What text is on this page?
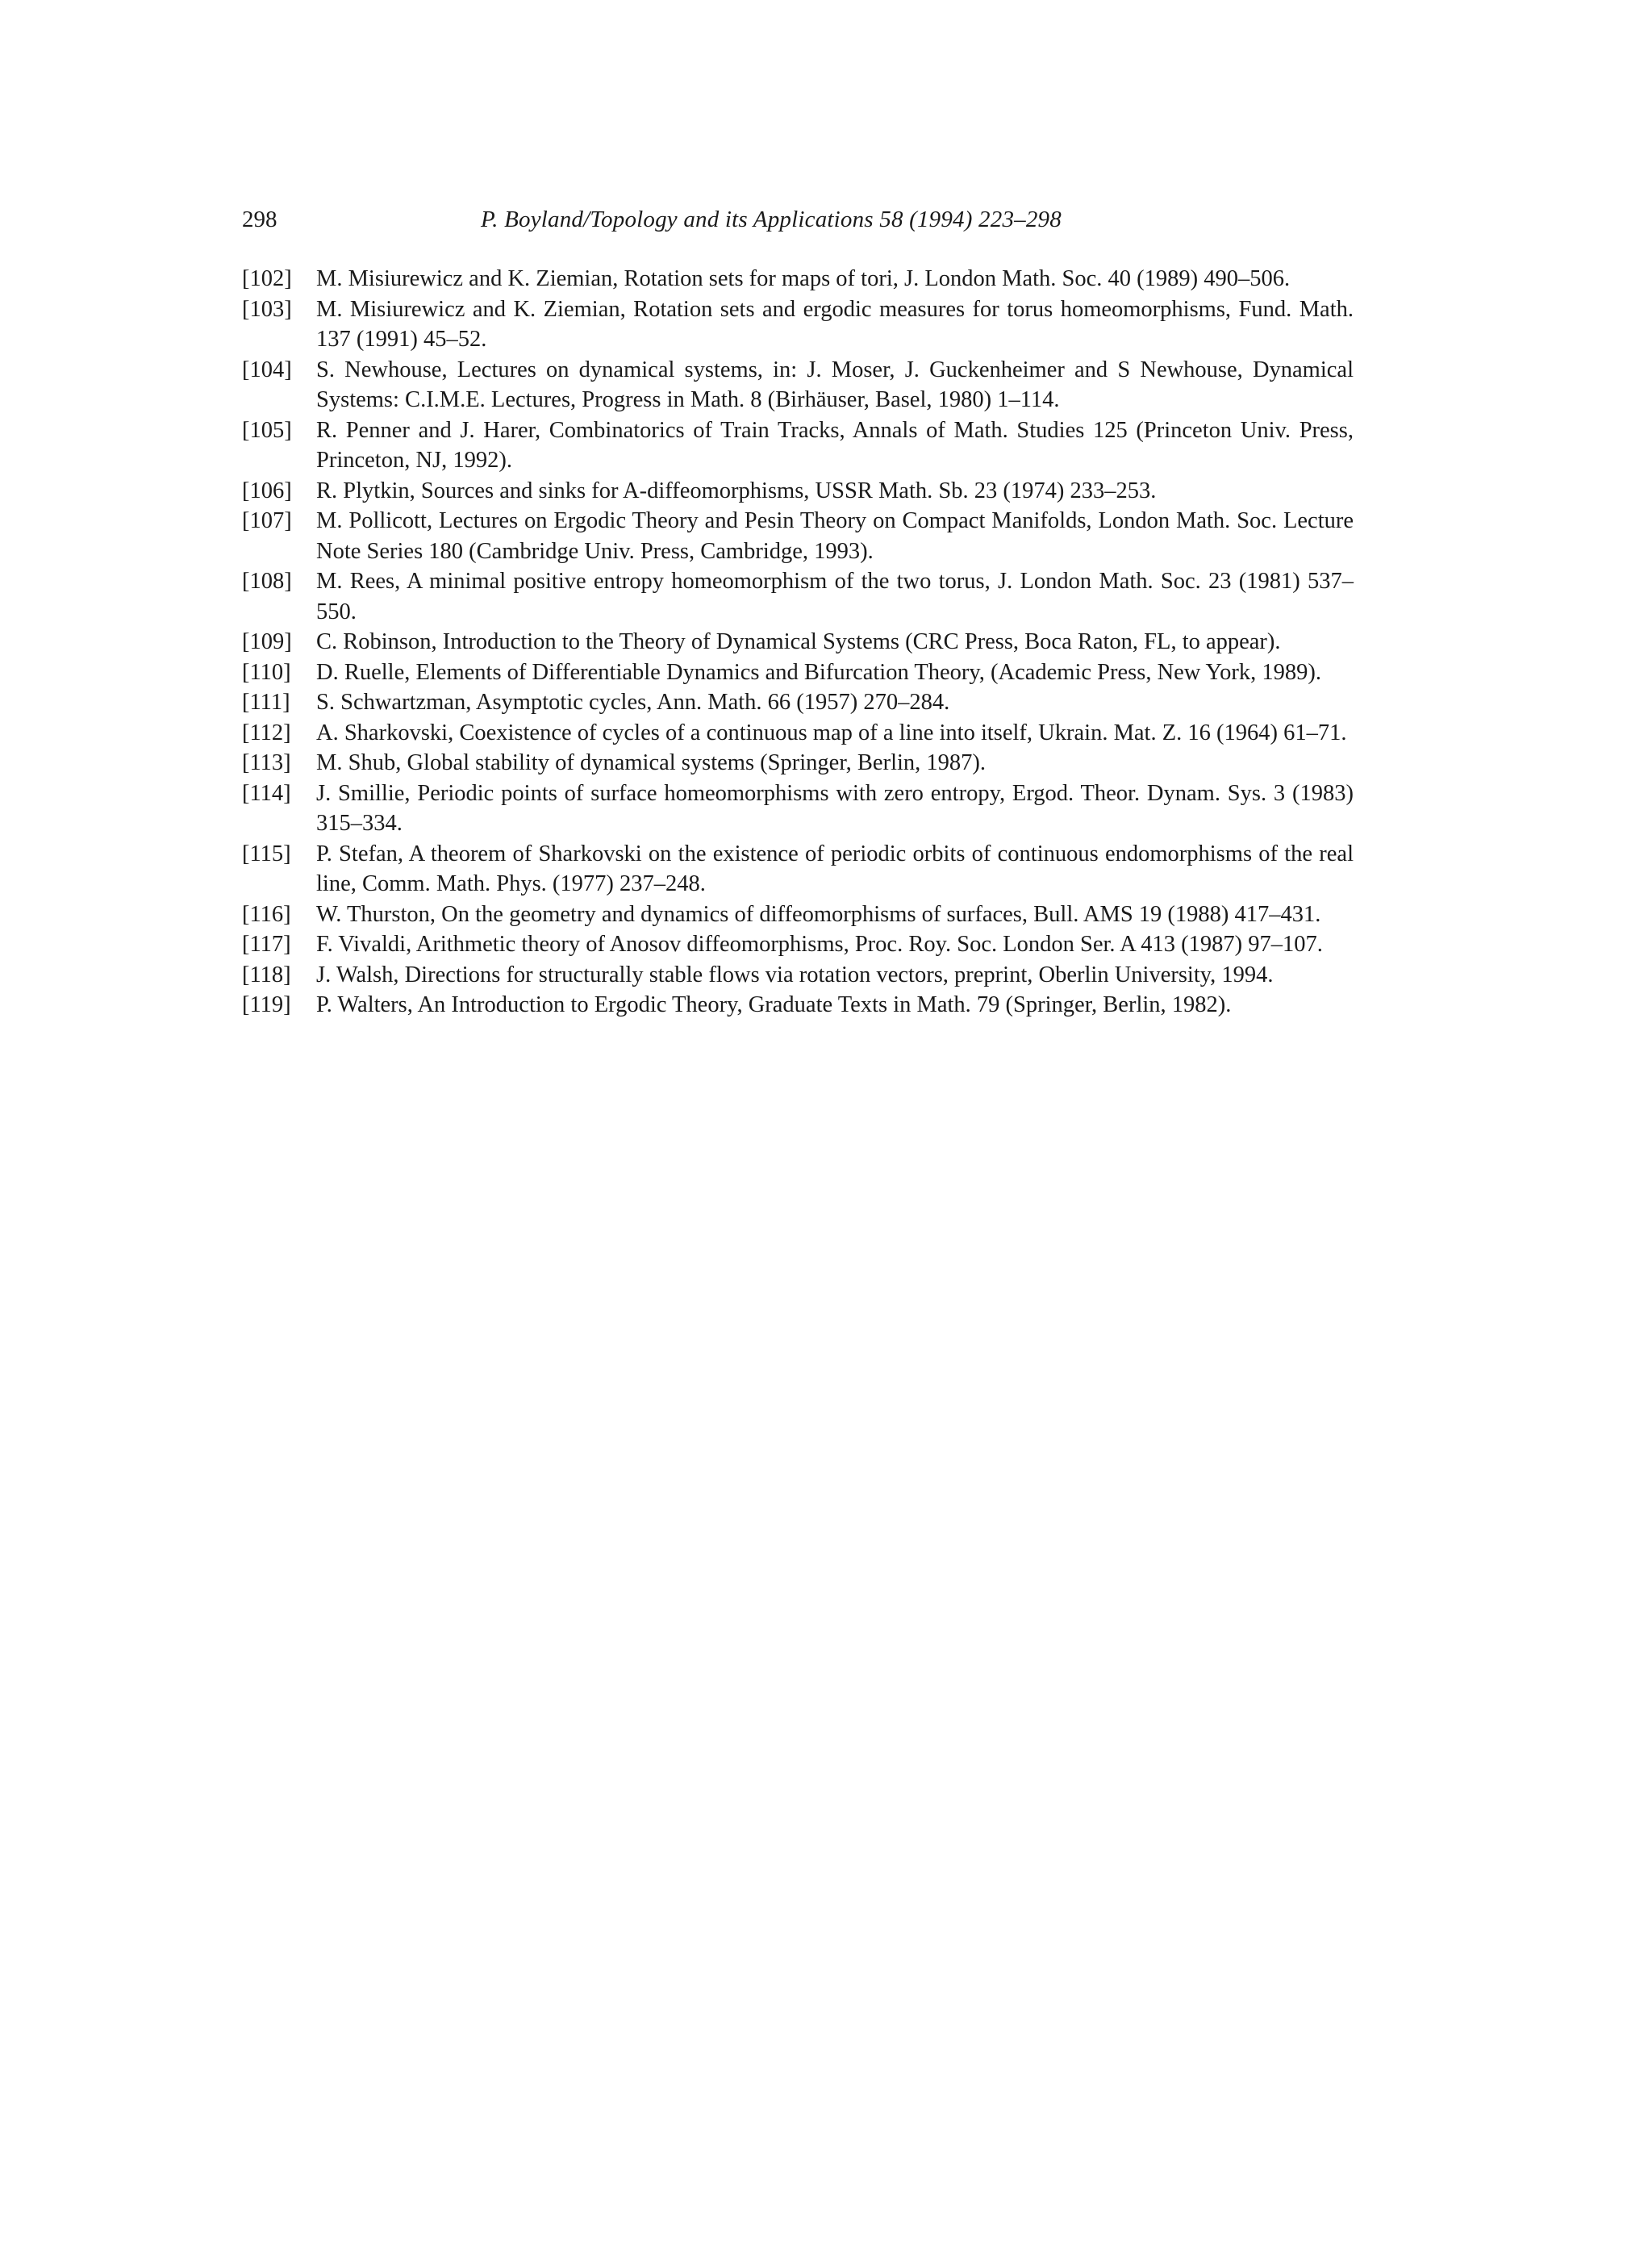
298	P. Boyland/Topology and its Applications 58 (1994) 223–298
[102]	M. Misiurewicz and K. Ziemian, Rotation sets for maps of tori, J. London Math. Soc. 40 (1989) 490–506.
[103]	M. Misiurewicz and K. Ziemian, Rotation sets and ergodic measures for torus homeomorphisms, Fund. Math. 137 (1991) 45–52.
[104]	S. Newhouse, Lectures on dynamical systems, in: J. Moser, J. Guckenheimer and S Newhouse, Dynamical Systems: C.I.M.E. Lectures, Progress in Math. 8 (Birhäuser, Basel, 1980) 1–114.
[105]	R. Penner and J. Harer, Combinatorics of Train Tracks, Annals of Math. Studies 125 (Princeton Univ. Press, Princeton, NJ, 1992).
[106]	R. Plytkin, Sources and sinks for A-diffeomorphisms, USSR Math. Sb. 23 (1974) 233–253.
[107]	M. Pollicott, Lectures on Ergodic Theory and Pesin Theory on Compact Manifolds, London Math. Soc. Lecture Note Series 180 (Cambridge Univ. Press, Cambridge, 1993).
[108]	M. Rees, A minimal positive entropy homeomorphism of the two torus, J. London Math. Soc. 23 (1981) 537–550.
[109]	C. Robinson, Introduction to the Theory of Dynamical Systems (CRC Press, Boca Raton, FL, to appear).
[110]	D. Ruelle, Elements of Differentiable Dynamics and Bifurcation Theory, (Academic Press, New York, 1989).
[111]	S. Schwartzman, Asymptotic cycles, Ann. Math. 66 (1957) 270–284.
[112]	A. Sharkovski, Coexistence of cycles of a continuous map of a line into itself, Ukrain. Mat. Z. 16 (1964) 61–71.
[113]	M. Shub, Global stability of dynamical systems (Springer, Berlin, 1987).
[114]	J. Smillie, Periodic points of surface homeomorphisms with zero entropy, Ergod. Theor. Dynam. Sys. 3 (1983) 315–334.
[115]	P. Stefan, A theorem of Sharkovski on the existence of periodic orbits of continuous endomorphisms of the real line, Comm. Math. Phys. (1977) 237–248.
[116]	W. Thurston, On the geometry and dynamics of diffeomorphisms of surfaces, Bull. AMS 19 (1988) 417–431.
[117]	F. Vivaldi, Arithmetic theory of Anosov diffeomorphisms, Proc. Roy. Soc. London Ser. A 413 (1987) 97–107.
[118]	J. Walsh, Directions for structurally stable flows via rotation vectors, preprint, Oberlin University, 1994.
[119]	P. Walters, An Introduction to Ergodic Theory, Graduate Texts in Math. 79 (Springer, Berlin, 1982).
